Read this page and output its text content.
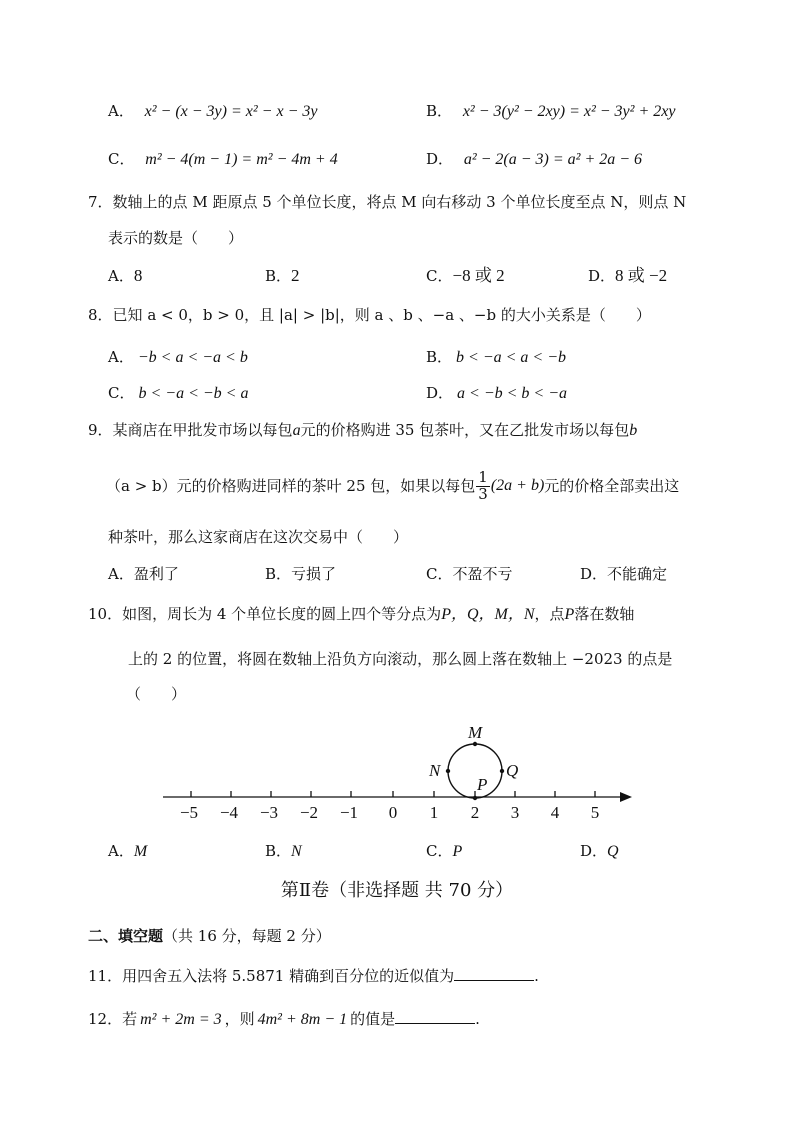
A． x² − (x − 3y) = x² − x − 3y	B． x² − 3(y² − 2xy) = x² − 3y² + 2xy
C． m² − 4(m − 1) = m² − 4m + 4	D． a² − 2(a − 3) = a² + 2a − 6
7．数轴上的点 M 距原点 5 个单位长度，将点 M 向右移动 3 个单位长度至点 N，则点 N
表示的数是（　　）
A．8	B．2	C．−8 或 2	D．8 或 −2
8．已知 a < 0，b > 0，且 |a| > |b|，则 a 、b 、−a 、−b 的大小关系是（　　）
A． −b < a < −a < b	B． b < −a < a < −b
C． b < −a < −b < a	D． a < −b < b < −a
9．某商店在甲批发市场以每包a元的价格购进 35 包茶叶，又在乙批发市场以每包b
（a > b）元的价格购进同样的茶叶 25 包，如果以每包 $\frac{1}{3} (2a + b)$ 元的价格全部卖出这
种茶叶，那么这家商店在这次交易中（　　）
A．盈利了	B．亏损了	C．不盈不亏	D．不能确定
10．如图，周长为 4 个单位长度的圆上四个等分点为P，Q，M，N，点P落在数轴
上的 2 的位置，将圆在数轴上沿负方向滚动，那么圆上落在数轴上 −2023 的点是
（　　）
−5 −4 −3 −2 −1 0 1 2 3 4 5
M
N	Q
P
A．M	B．N	C．P	D．Q
第Ⅱ卷（非选择题 共 70 分）
二、填空题（共 16 分，每题 2 分）
11．用四舍五入法将 5.5871 精确到百分位的近似值为	.
12．若 m² + 2m = 3 ，则 4m² + 8m − 1 的值是	.
